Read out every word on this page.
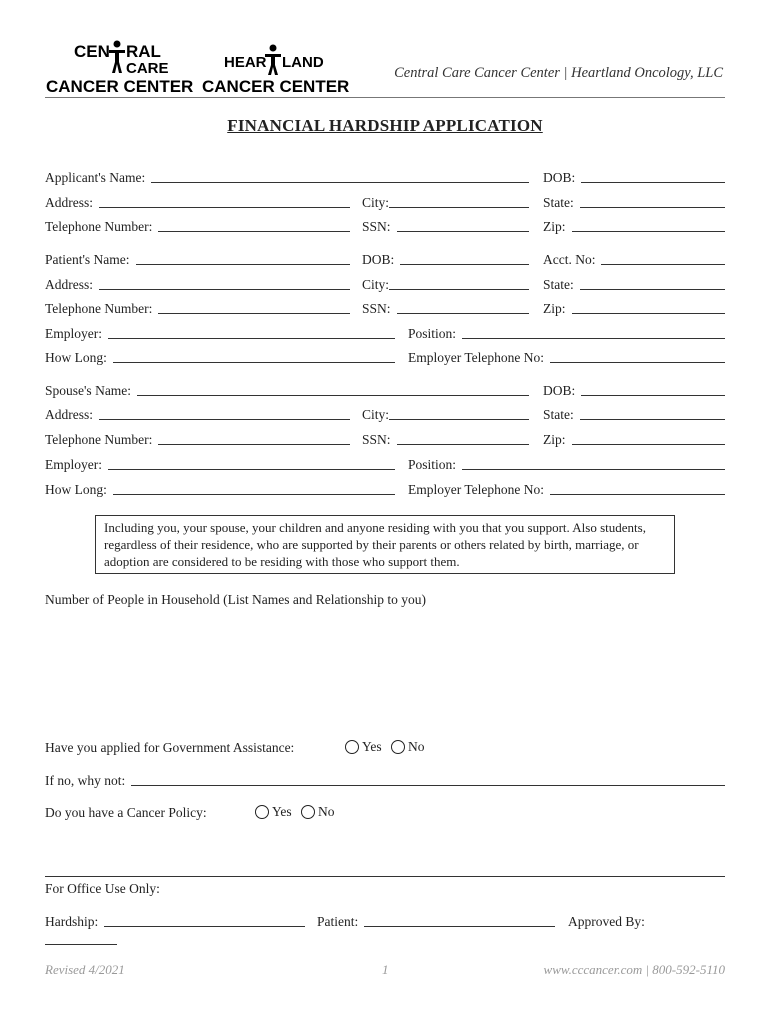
CEN RAL
CARE
CANCER CENTER
HEAR LAND
CANCER CENTER
Central Care Cancer Center | Heartland Oncology, LLC
FINANCIAL HARDSHIP APPLICATION
Applicant's Name:	DOB:
Address:	City:	State:
Telephone Number:	SSN:	Zip:
Patient's Name:	DOB:	Acct. No:
Address:	City:	State:
Telephone Number:	SSN:	Zip:
Employer:	Position:
How Long:	Employer Telephone No:
Spouse's Name:	DOB:
Address:	City:	State:
Telephone Number:	SSN:	Zip:
Employer:	Position:
How Long:	Employer Telephone No:
Including you, your spouse, your children and anyone residing with you that you support. Also students, regardless of their residence, who are supported by their parents or others related by birth, marriage, or adoption are considered to be residing with those who support them.
Number of People in Household (List Names and Relationship to you)
Have you applied for Government Assistance:	Yes
No
If no, why not:
Do you have a Cancer Policy:	Yes
No
For Office Use Only:
Hardship:	Patient:	Approved By:
Revised 4/2021	1	www.cccancer.com | 800-592-5110
